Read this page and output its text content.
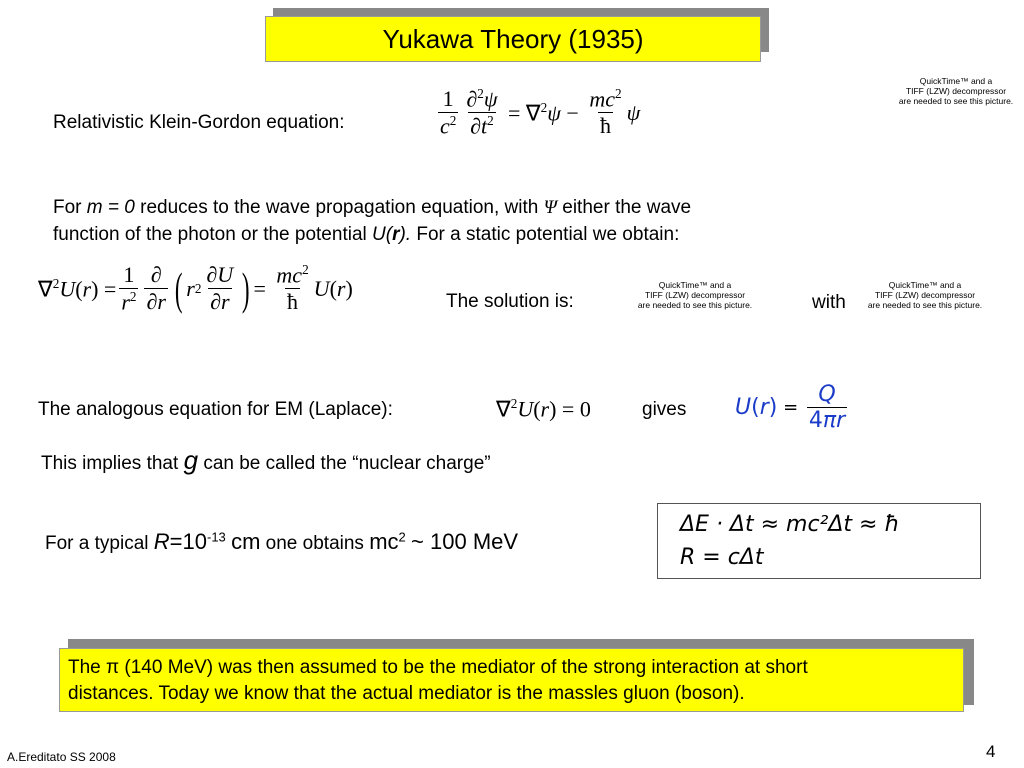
Yukawa Theory (1935)
QuickTime™ and a
TIFF (LZW) decompressor
are needed to see this picture.
Relativistic Klein-Gordon equation:	$\frac{1}{c^2} \frac{\partial^2\psi}{\partial t^2} = \nabla^2\psi - \frac{mc^2}{ħ}$ ψ
For m = 0 reduces to the wave propagation equation, with Ψ either the wave
function of the photon or the potential U(r). For a static potential we obtain:
$\nabla^2U(r) = \frac{1}{r^2} \frac{\partial}{\partial r}$ ( r $2 \frac{\partial U}{\partial r}$ ) = $\frac{mc^2}{ħ} U(r)$
The solution is:
QuickTime™ and a
TIFF (LZW) decompressor
are needed to see this picture.	with
QuickTime™ and a
TIFF (LZW) decompressor
are needed to see this picture.
The analogous equation for EM (Laplace):	∇$^2$U(r) = 0	gives U ( r ) = $\frac{Q}{4\pi r}$
This implies that g can be called the “nuclear charge”
For a typical $R=10^{-13}$ cm one obtains $mc^2$ ~ 100 MeV
ΔE · Δt ≈ mc²Δt ≈ ħ
R = cΔt
The π (140 MeV) was then assumed to be the mediator of the strong interaction at short
distances. Today we know that the actual mediator is the massles gluon (boson).
A.Ereditato SS 2008	4
